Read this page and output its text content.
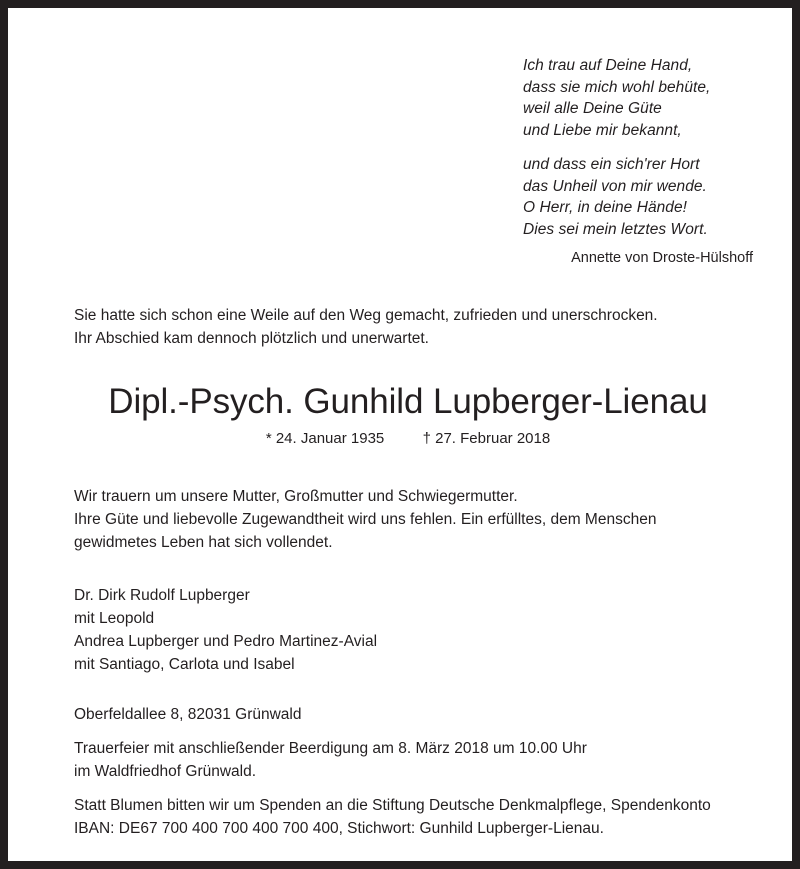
Ich trau auf Deine Hand,
dass sie mich wohl behüte,
weil alle Deine Güte
und Liebe mir bekannt,
und dass ein sich'rer Hort
das Unheil von mir wende.
O Herr, in deine Hände!
Dies sei mein letztes Wort.
Annette von Droste-Hülshoff
Sie hatte sich schon eine Weile auf den Weg gemacht, zufrieden und unerschrocken.
Ihr Abschied kam dennoch plötzlich und unerwartet.
Dipl.-Psych. Gunhild Lupberger-Lienau
* 24. Januar 1935	† 27. Februar 2018
Wir trauern um unsere Mutter, Großmutter und Schwiegermutter.
Ihre Güte und liebevolle Zugewandtheit wird uns fehlen. Ein erfülltes, dem Menschen
gewidmetes Leben hat sich vollendet.
Dr. Dirk Rudolf Lupberger
mit Leopold
Andrea Lupberger und Pedro Martinez-Avial
mit Santiago, Carlota und Isabel
Oberfeldallee 8, 82031 Grünwald
Trauerfeier mit anschließender Beerdigung am 8. März 2018 um 10.00 Uhr
im Waldfriedhof Grünwald.
Statt Blumen bitten wir um Spenden an die Stiftung Deutsche Denkmalpflege, Spendenkonto
IBAN: DE67 700 400 700 400 700 400, Stichwort: Gunhild Lupberger-Lienau.
